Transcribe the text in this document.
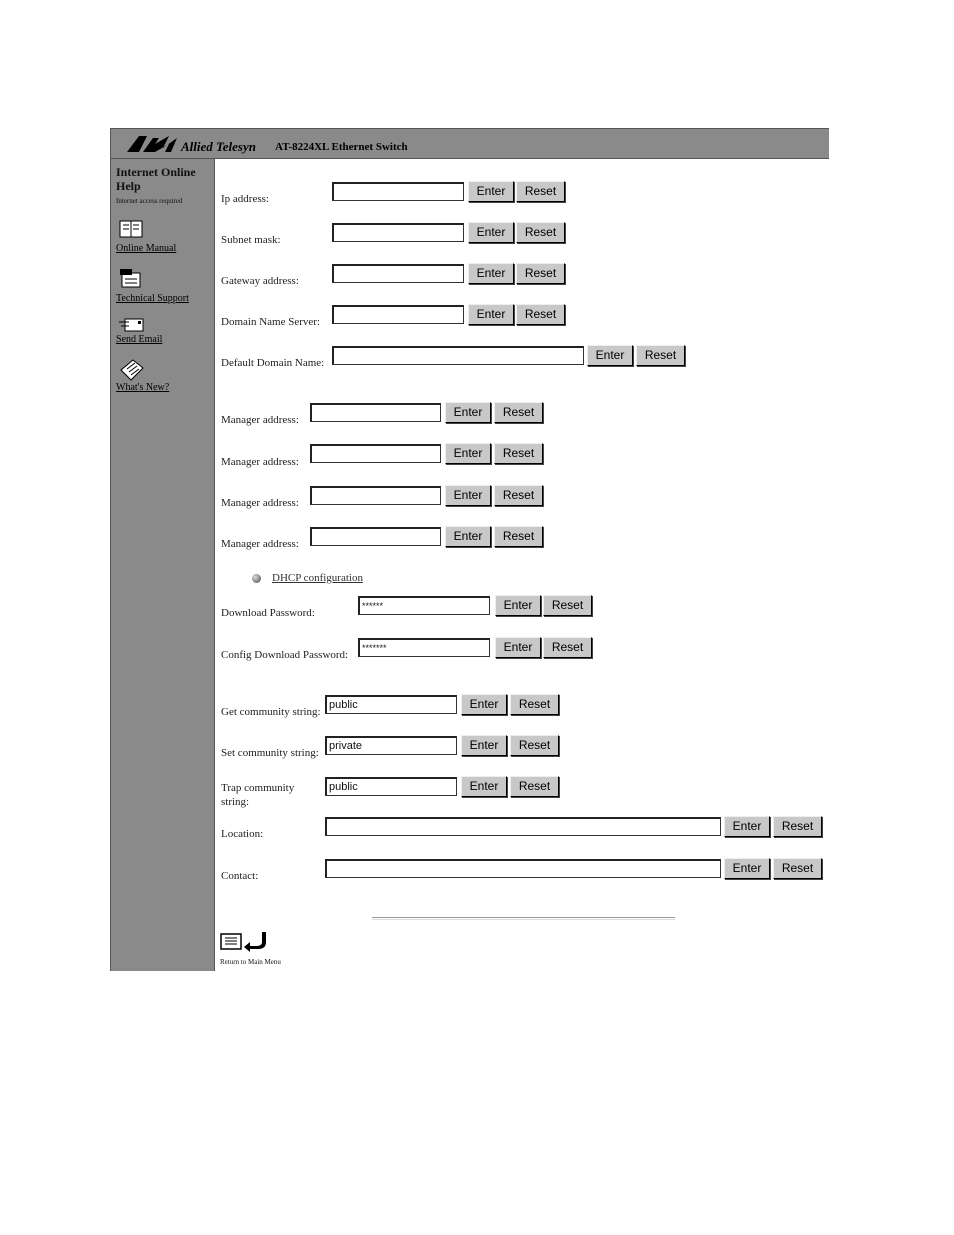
Allied Telesyn AT-8224XL Ethernet Switch
Internet Online Help
Internet access required
Online Manual
Technical Support
Send Email
What's New?
Ip address:
Enter	Reset
Subnet mask:
Enter	Reset
Gateway address:
Enter	Reset
Domain Name Server:
Enter	Reset
Default Domain Name:
Enter	Reset
Manager address:
Enter	Reset
Manager address:
Enter	Reset
Manager address:
Enter	Reset
Manager address:
Enter	Reset
DHCP configuration
Download Password:
******	Enter	Reset
Config Download Password:
*******	Enter	Reset
Get community string:
public	Enter	Reset
Set community string:
private	Enter	Reset
Trap community string:
public	Enter	Reset
Location:
Enter	Reset
Contact:
Enter	Reset
Return to Main Menu
